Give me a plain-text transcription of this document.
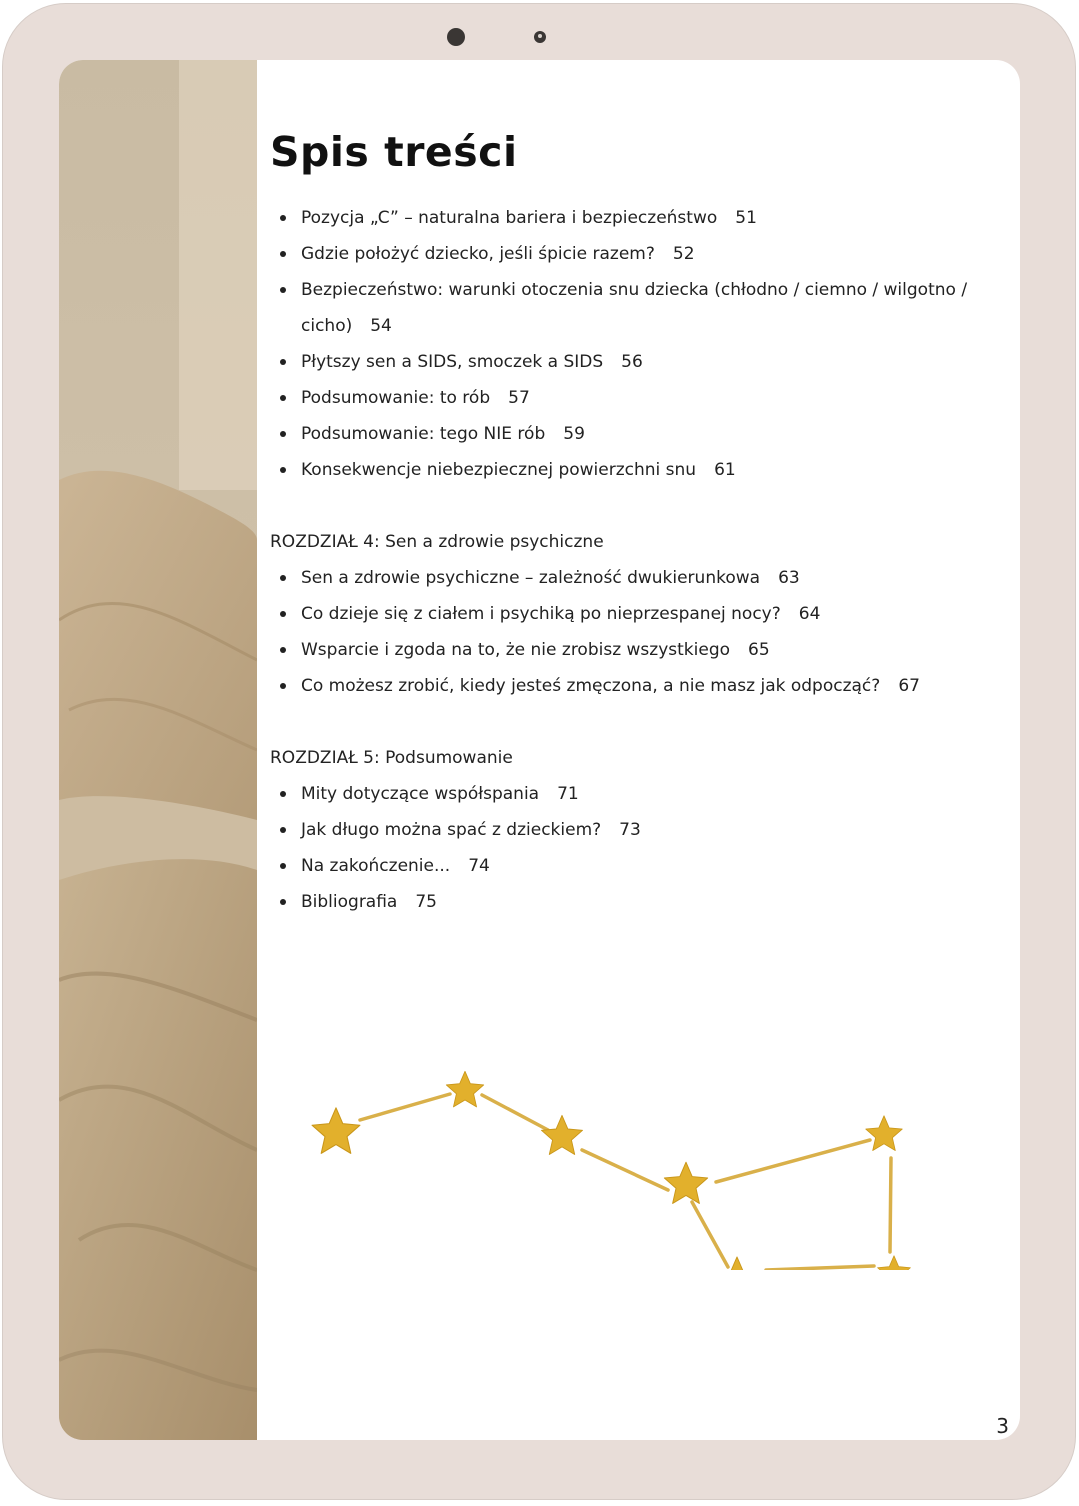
Spis treści
Pozycja „C” – naturalna bariera i bezpieczeństwo 51
Gdzie położyć dziecko, jeśli śpicie razem? 52
Bezpieczeństwo: warunki otoczenia snu dziecka (chłodno / ciemno / wilgotno / cicho) 54
Płytszy sen a SIDS, smoczek a SIDS 56
Podsumowanie: to rób 57
Podsumowanie: tego NIE rób 59
Konsekwencje niebezpiecznej powierzchni snu 61
ROZDZIAŁ 4: Sen a zdrowie psychiczne
Sen a zdrowie psychiczne – zależność dwukierunkowa 63
Co dzieje się z ciałem i psychiką po nieprzespanej nocy? 64
Wsparcie i zgoda na to, że nie zrobisz wszystkiego 65
Co możesz zrobić, kiedy jesteś zmęczona, a nie masz jak odpocząć? 67
ROZDZIAŁ 5: Podsumowanie
Mity dotyczące współspania 71
Jak długo można spać z dzieckiem? 73
Na zakończenie... 74
Bibliografia 75
3
